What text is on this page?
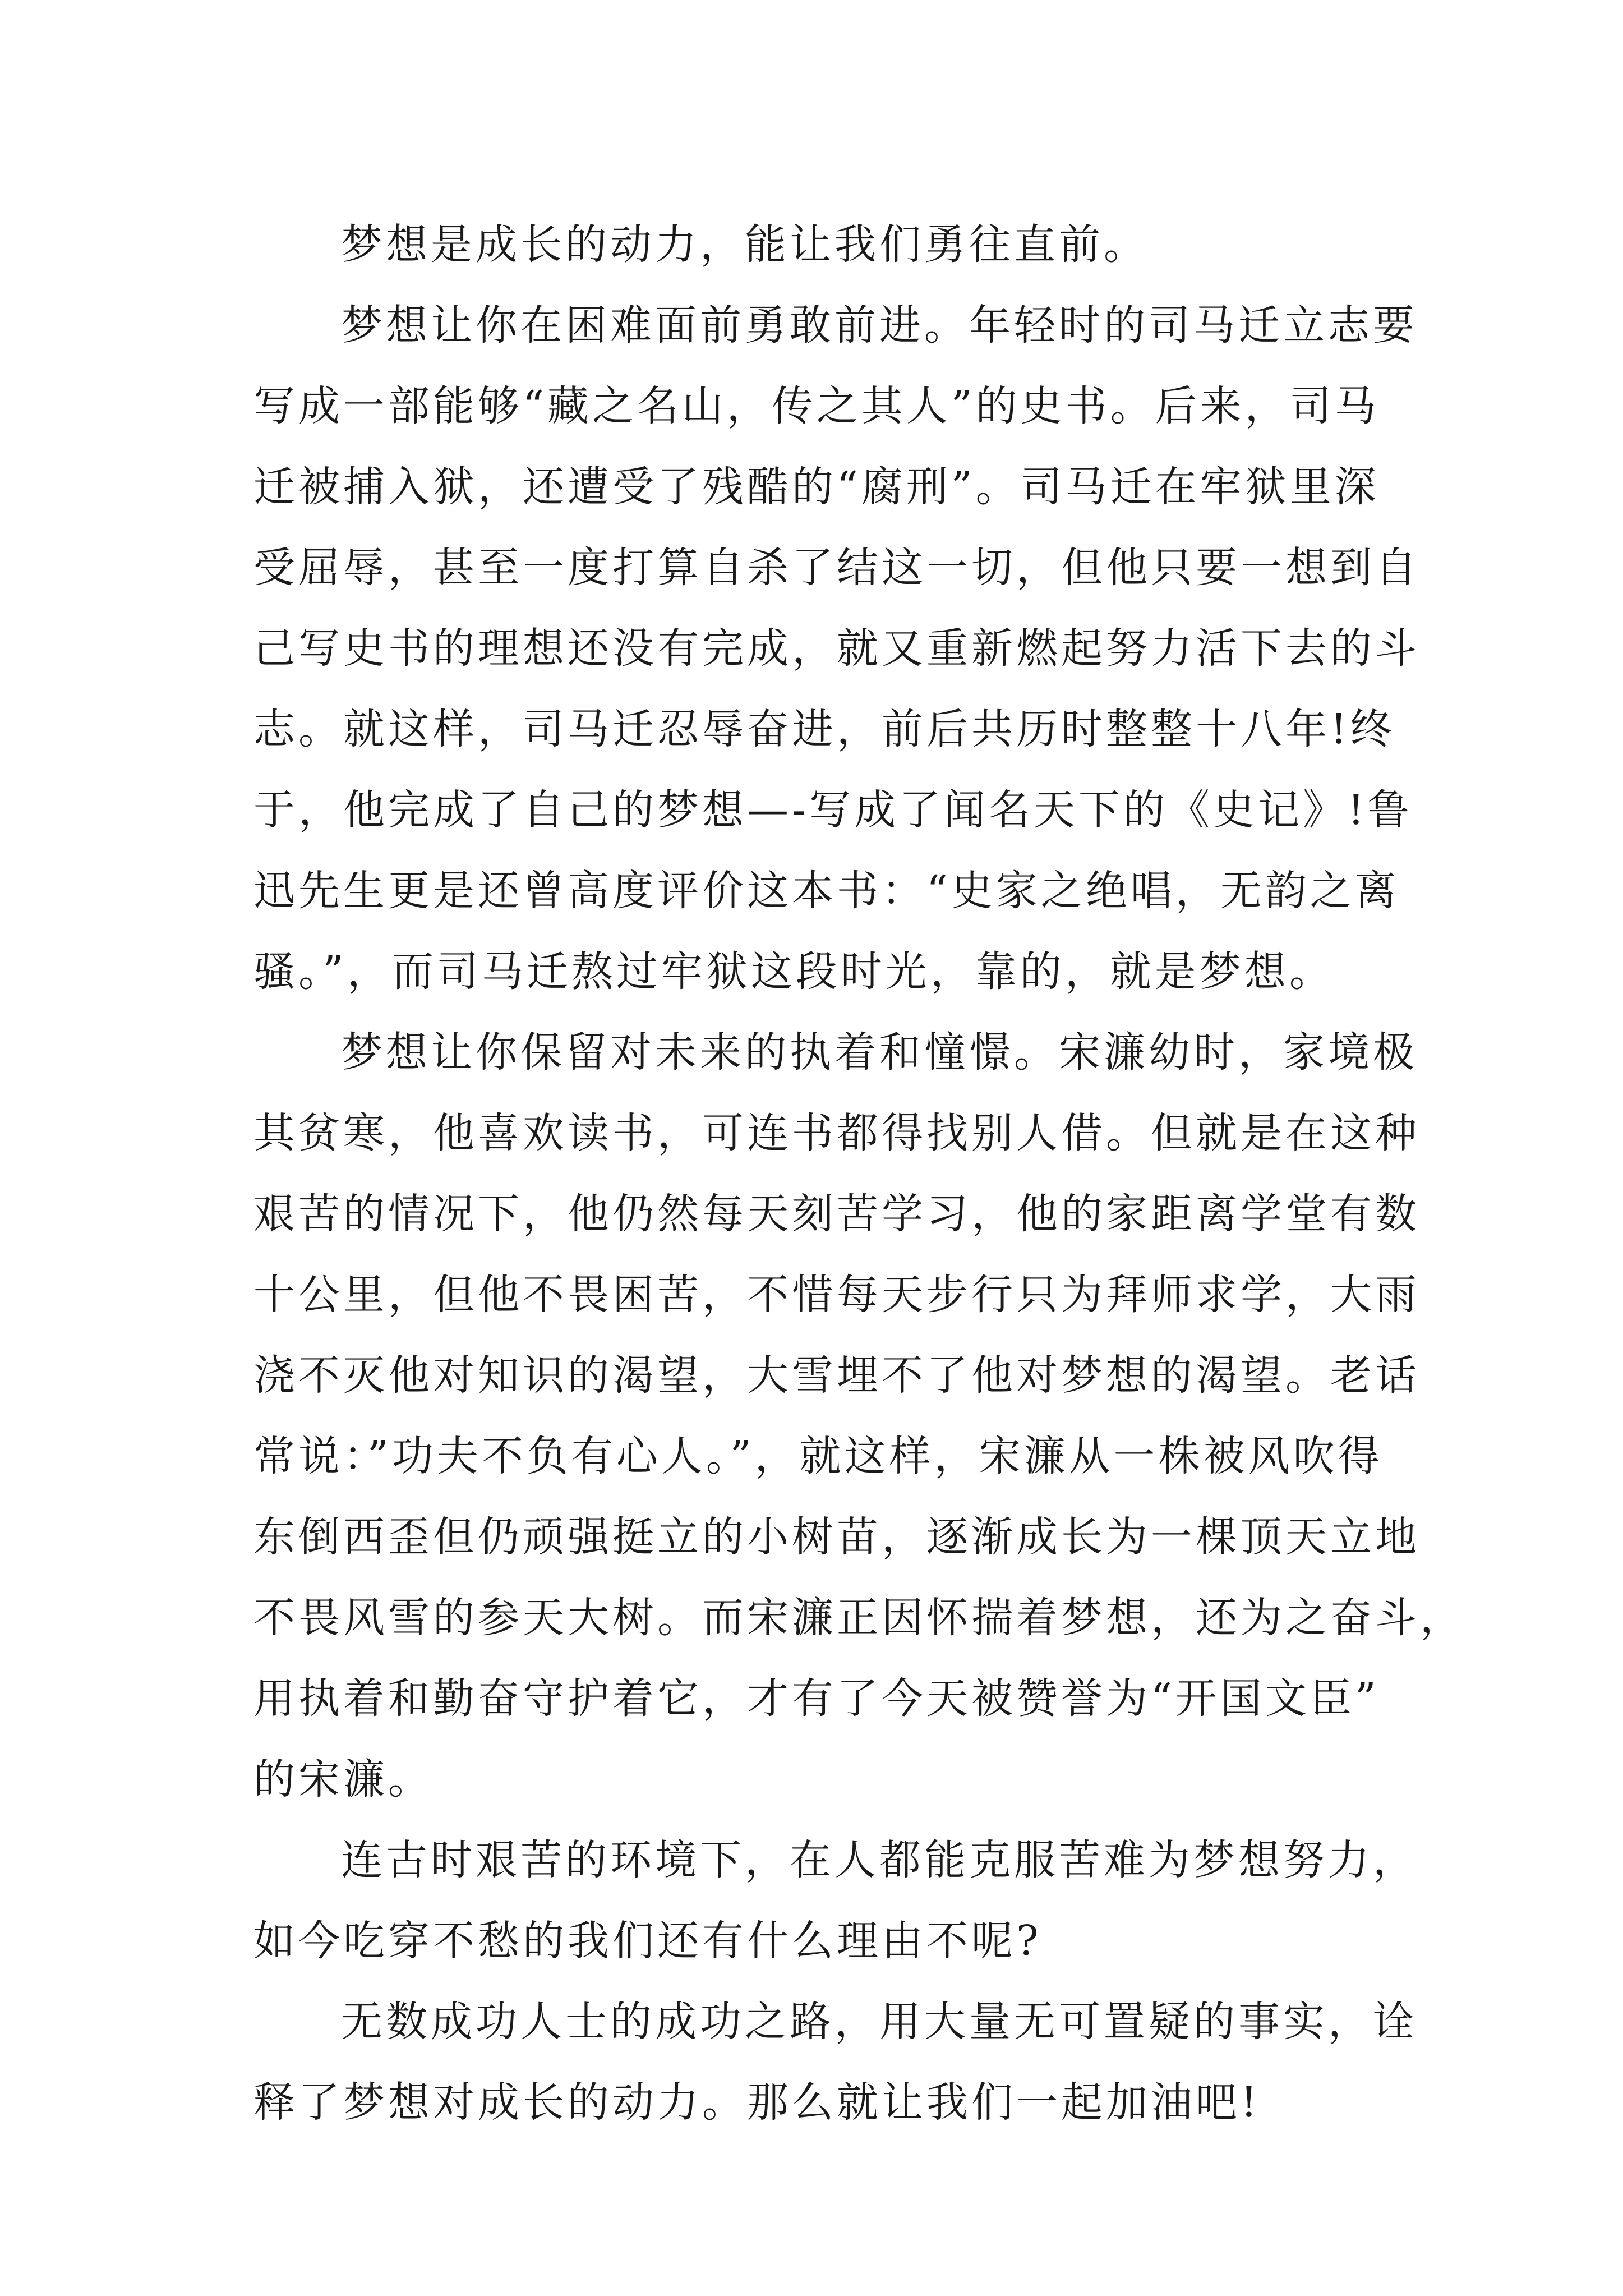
梦想是成长的动力，能让我们勇往直前。
梦想让你在困难面前勇敢前进。年轻时的司马迁立志要
写成一部能够“藏之名山，传之其人”的史书。后来，司马
迁被捕入狱，还遭受了残酷的“腐刑”。司马迁在牢狱里深
受屈辱，甚至一度打算自杀了结这一切，但他只要一想到自
己写史书的理想还没有完成，就又重新燃起努力活下去的斗
志。就这样，司马迁忍辱奋进，前后共历时整整十八年!终
于，他完成了自己的梦想—-写成了闻名天下的《史记》!鲁
迅先生更是还曾高度评价这本书：“史家之绝唱，无韵之离
骚。”，而司马迁熬过牢狱这段时光，靠的，就是梦想。
梦想让你保留对未来的执着和憧憬。宋濂幼时，家境极
其贫寒，他喜欢读书，可连书都得找别人借。但就是在这种
艰苦的情况下，他仍然每天刻苦学习，他的家距离学堂有数
十公里，但他不畏困苦，不惜每天步行只为拜师求学，大雨
浇不灭他对知识的渴望，大雪埋不了他对梦想的渴望。老话
常说：”功夫不负有心人。”，就这样，宋濂从一株被风吹得
东倒西歪但仍顽强挺立的小树苗，逐渐成长为一棵顶天立地
不畏风雪的参天大树。而宋濂正因怀揣着梦想，还为之奋斗，
用执着和勤奋守护着它，才有了今天被赞誉为“开国文臣”
的宋濂。
连古时艰苦的环境下，在人都能克服苦难为梦想努力，
如今吃穿不愁的我们还有什么理由不呢?
无数成功人士的成功之路，用大量无可置疑的事实，诠
释了梦想对成长的动力。那么就让我们一起加油吧!
